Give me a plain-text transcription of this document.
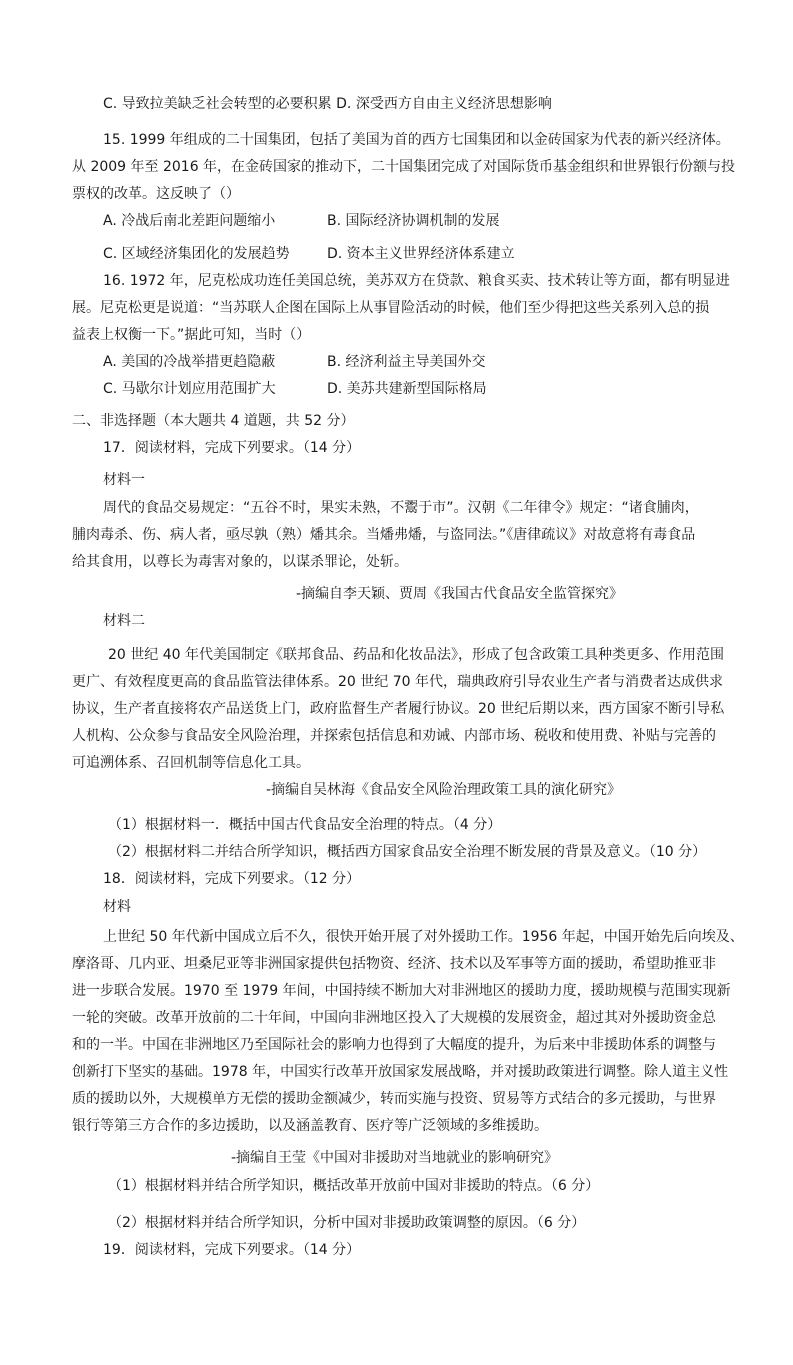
C. 导致拉美缺乏社会转型的必要积累 D. 深受西方自由主义经济思想影响
15. 1999 年组成的二十国集团，包括了美国为首的西方七国集团和以金砖国家为代表的新兴经济体。
从 2009 年至 2016 年，在金砖国家的推动下，二十国集团完成了对国际货币基金组织和世界银行份额与投
票权的改革。这反映了（）
A. 冷战后南北差距问题缩小	B. 国际经济协调机制的发展
C. 区域经济集团化的发展趋势	D. 资本主义世界经济体系建立
16. 1972 年，尼克松成功连任美国总统，美苏双方在贷款、粮食买卖、技术转让等方面，都有明显进
展。尼克松更是说道：“当苏联人企图在国际上从事冒险活动的时候，他们至少得把这些关系列入总的损
益表上权衡一下。”据此可知，当时（）
A. 美国的冷战举措更趋隐蔽	B. 经济利益主导美国外交
C. 马歇尔计划应用范围扩大	D. 美苏共建新型国际格局
二、非选择题（本大题共 4 道题，共 52 分）
17．阅读材料，完成下列要求。（14 分）
材料一
周代的食品交易规定：“五谷不时，果实未熟，不鬻于市”。汉朝《二年律令》规定：“诸食脯肉，
脯肉毒杀、伤、病人者，亟尽孰（熟）燔其余。当燔弗燔，与盗同法。”《唐律疏议》对故意将有毒食品
给其食用，以尊长为毒害对象的，以谋杀罪论，处斩。
-摘编自李天颖、贾周《我国古代食品安全监管探究》
材料二
20 世纪 40 年代美国制定《联邦食品、药品和化妆品法》，形成了包含政策工具种类更多、作用范围
更广、有效程度更高的食品监管法律体系。20 世纪 70 年代，瑞典政府引导农业生产者与消费者达成供求
协议，生产者直接将农产品送货上门，政府监督生产者履行协议。20 世纪后期以来，西方国家不断引导私
人机构、公众参与食品安全风险治理，并探索包括信息和劝诫、内部市场、税收和使用费、补贴与完善的
可追溯体系、召回机制等信息化工具。
-摘编自吴林海《食品安全风险治理政策工具的演化研究》
（1）根据材料一．概括中国古代食品安全治理的特点。（4 分）
（2）根据材料二并结合所学知识，概括西方国家食品安全治理不断发展的背景及意义。（10 分）
18．阅读材料，完成下列要求。（12 分）
材料
上世纪 50 年代新中国成立后不久，很快开始开展了对外援助工作。1956 年起，中国开始先后向埃及、
摩洛哥、几内亚、坦桑尼亚等非洲国家提供包括物资、经济、技术以及军事等方面的援助，希望助推亚非
进一步联合发展。1970 至 1979 年间，中国持续不断加大对非洲地区的援助力度，援助规模与范围实现新
一轮的突破。改革开放前的二十年间，中国向非洲地区投入了大规模的发展资金，超过其对外援助资金总
和的一半。中国在非洲地区乃至国际社会的影响力也得到了大幅度的提升，为后来中非援助体系的调整与
创新打下坚实的基础。1978 年，中国实行改革开放国家发展战略，并对援助政策进行调整。除人道主义性
质的援助以外，大规模单方无偿的援助金额减少，转而实施与投资、贸易等方式结合的多元援助，与世界
银行等第三方合作的多边援助，以及涵盖教育、医疗等广泛领域的多维援助。
-摘编自王莹《中国对非援助对当地就业的影响研究》
（1）根据材料并结合所学知识，概括改革开放前中国对非援助的特点。（6 分）
（2）根据材料并结合所学知识，分析中国对非援助政策调整的原因。（6 分）
19．阅读材料，完成下列要求。（14 分）
